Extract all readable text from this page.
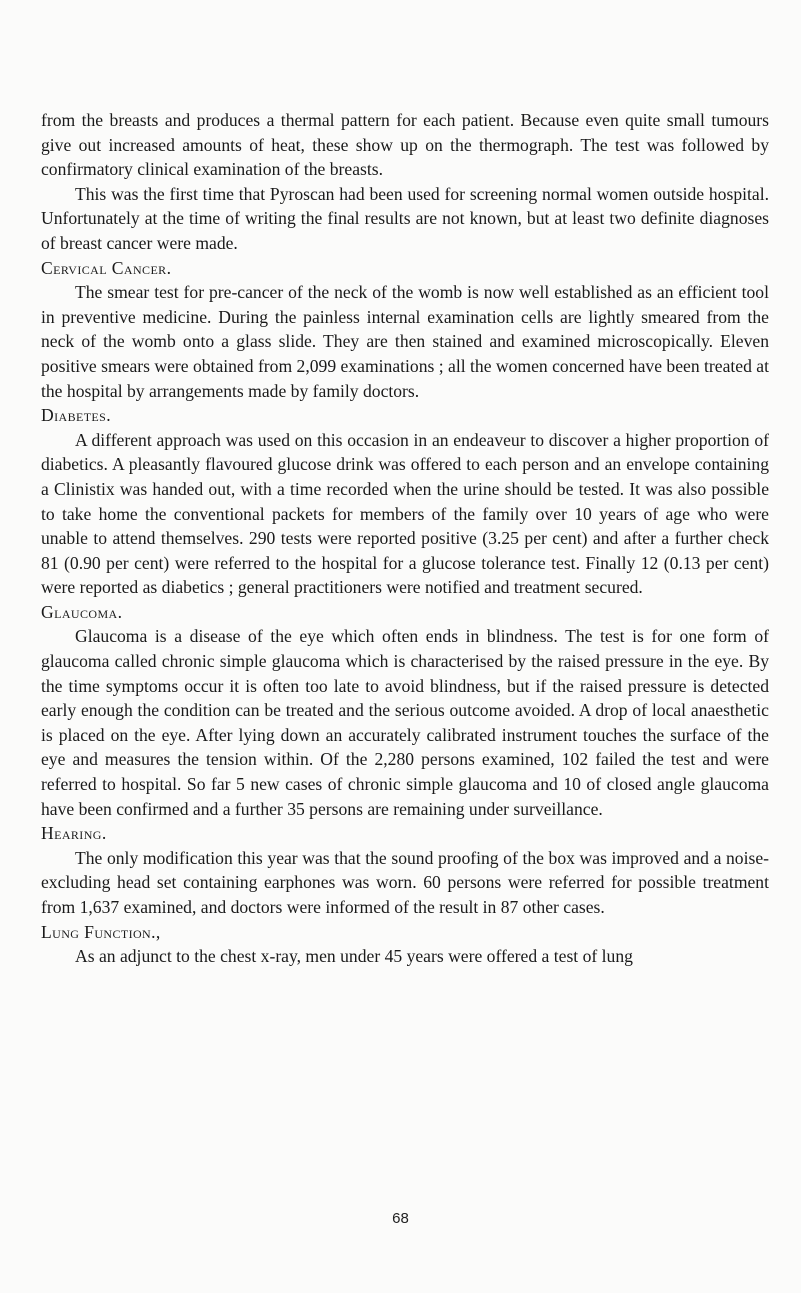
from the breasts and produces a thermal pattern for each patient. Because even quite small tumours give out increased amounts of heat, these show up on the thermograph. The test was followed by confirmatory clinical examination of the breasts.

This was the first time that Pyroscan had been used for screening normal women outside hospital. Unfortunately at the time of writing the final results are not known, but at least two definite diagnoses of breast cancer were made.

Cervical Cancer.

The smear test for pre-cancer of the neck of the womb is now well established as an efficient tool in preventive medicine. During the painless internal examination cells are lightly smeared from the neck of the womb onto a glass slide. They are then stained and examined microscopically. Eleven positive smears were obtained from 2,099 examinations ; all the women concerned have been treated at the hospital by arrangements made by family doctors.

Diabetes.

A different approach was used on this occasion in an endeaveur to discover a higher proportion of diabetics. A pleasantly flavoured glucose drink was offered to each person and an envelope containing a Clinistix was handed out, with a time recorded when the urine should be tested. It was also possible to take home the conventional packets for members of the family over 10 years of age who were unable to attend themselves. 290 tests were reported positive (3.25 per cent) and after a further check 81 (0.90 per cent) were referred to the hospital for a glucose tolerance test. Finally 12 (0.13 per cent) were reported as diabetics ; general practitioners were notified and treatment secured.

Glaucoma.

Glaucoma is a disease of the eye which often ends in blindness. The test is for one form of glaucoma called chronic simple glaucoma which is characterised by the raised pressure in the eye. By the time symptoms occur it is often too late to avoid blindness, but if the raised pressure is detected early enough the condition can be treated and the serious outcome avoided. A drop of local anaesthetic is placed on the eye. After lying down an accurately calibrated instrument touches the surface of the eye and measures the tension within. Of the 2,280 persons examined, 102 failed the test and were referred to hospital. So far 5 new cases of chronic simple glaucoma and 10 of closed angle glaucoma have been confirmed and a further 35 persons are remaining under surveillance.

Hearing.

The only modification this year was that the sound proofing of the box was improved and a noise-excluding head set containing earphones was worn. 60 persons were referred for possible treatment from 1,637 examined, and doctors were informed of the result in 87 other cases.

Lung Function.,

As an adjunct to the chest x-ray, men under 45 years were offered a test of lung

68
